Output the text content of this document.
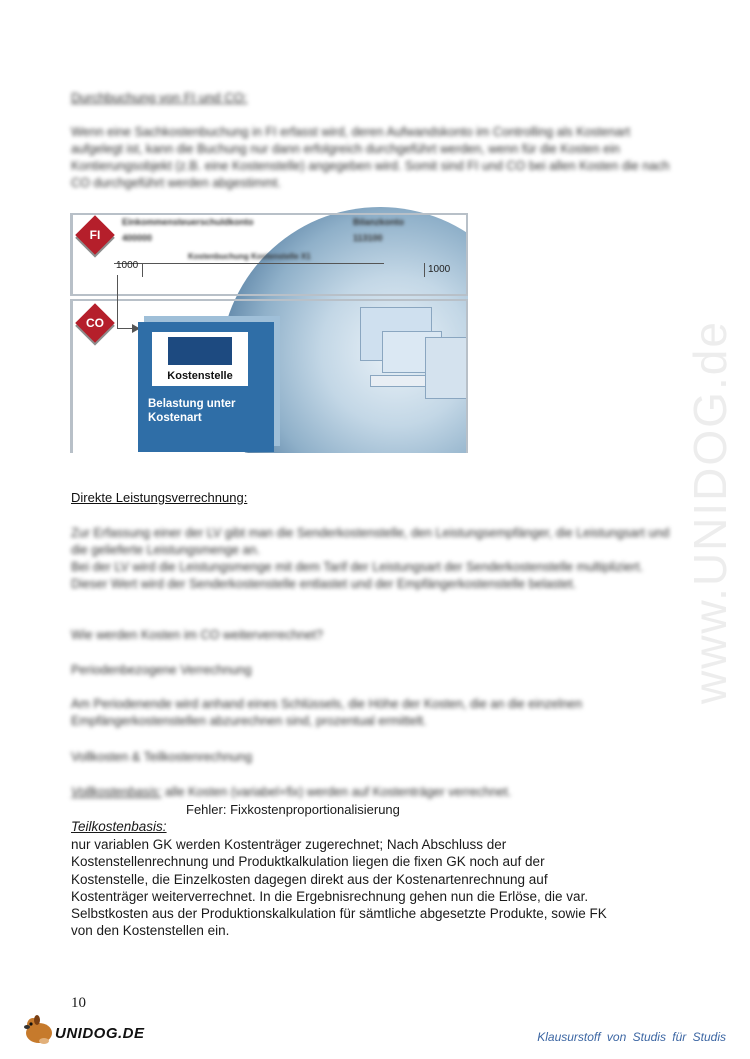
www.UNIDOG.de
Durchbuchung von FI und CO:
Wenn eine Sachkostenbuchung in FI erfasst wird, deren Aufwandskonto im Controlling als Kostenart aufgelegt ist, kann die Buchung nur dann erfolgreich durchgeführt werden, wenn für die Kosten ein Kontierungsobjekt (z.B. eine Kostenstelle) angegeben wird. Somit sind FI und CO bei allen Kosten die nach CO durchgeführt werden abgestimmt.
FI
CO
Einkommensteuerschuldkonto
400000
Bilanzkonto
113100
Kostenbuchung Kostenstelle X1
1000	1000
Kostenstelle
Belastung unter Kostenart
Direkte Leistungsverrechnung:
Zur Erfassung einer der LV gibt man die Senderkostenstelle, den Leistungsempfänger, die Leistungsart und die gelieferte Leistungsmenge an.
Bei der LV wird die Leistungsmenge mit dem Tarif der Leistungsart der Senderkostenstelle multipliziert. Dieser Wert wird der Senderkostenstelle entlastet und der Empfängerkostenstelle belastet.
Wie werden Kosten im CO weiterverrechnet?
Periodenbezogene Verrechnung
Am Periodenende wird anhand eines Schlüssels, die Höhe der Kosten, die an die einzelnen Empfängerkostenstellen abzurechnen sind, prozentual ermittelt.
Vollkosten & Teilkostenrechnung
Vollkostenbasis: alle Kosten (variabel+fix) werden auf Kostenträger verrechnet.
Fehler: Fixkostenproportionalisierung
Teilkostenbasis:
nur variablen GK werden Kostenträger zugerechnet; Nach Abschluss der
Kostenstellenrechnung und Produktkalkulation liegen die fixen GK noch auf der
Kostenstelle, die Einzelkosten dagegen direkt aus der Kostenartenrechnung auf
Kostenträger weiterverrechnet. In die Ergebnisrechnung gehen nun die Erlöse, die var.
Selbstkosten aus der Produktionskalkulation für sämtliche abgesetzte Produkte, sowie FK
von den Kostenstellen ein.
10
UNIDOG.DE	Klausurstoff von Studis für Studis
